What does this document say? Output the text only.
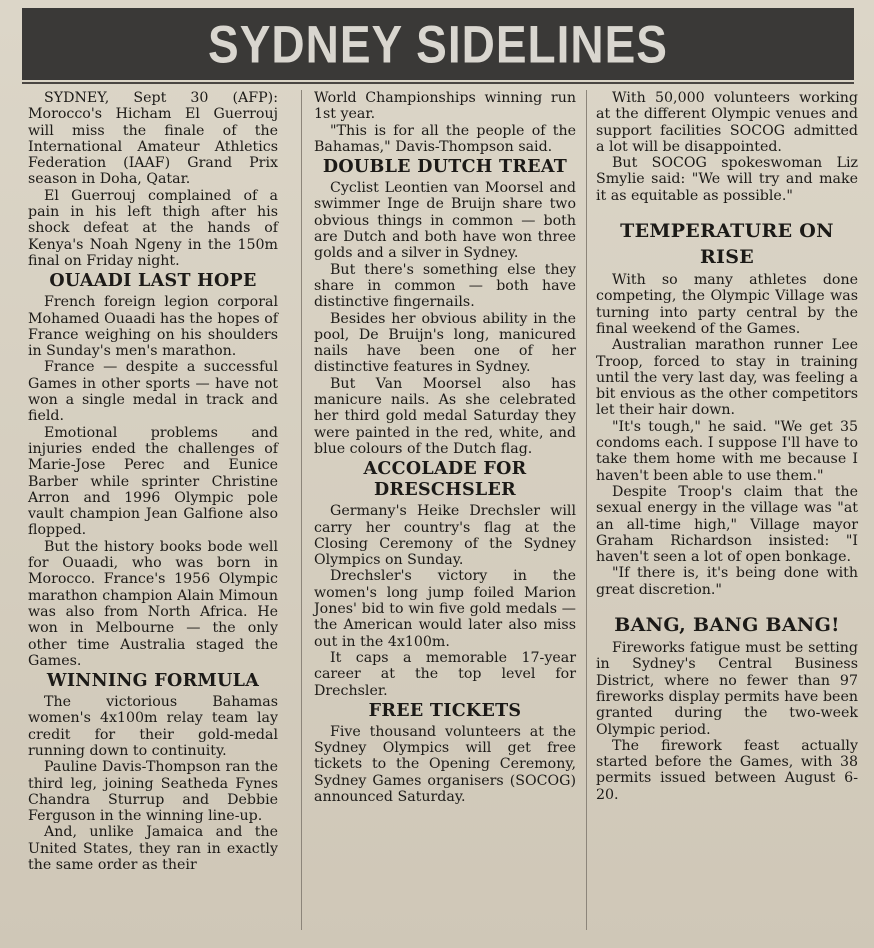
SYDNEY SIDELINES

SYDNEY, Sept 30 (AFP): Morocco's Hicham El Guerrouj will miss the finale of the International Amateur Athletics Federation (IAAF) Grand Prix season in Doha, Qatar.

El Guerrouj complained of a pain in his left thigh after his shock defeat at the hands of Kenya's Noah Ngeny in the 150m final on Friday night.

OUAADI LAST HOPE

French foreign legion corporal Mohamed Ouaadi has the hopes of France weighing on his shoulders in Sunday's men's marathon.

France — despite a successful Games in other sports — have not won a single medal in track and field.

Emotional problems and injuries ended the challenges of Marie-Jose Perec and Eunice Barber while sprinter Christine Arron and 1996 Olympic pole vault champion Jean Galfione also flopped.

But the history books bode well for Ouaadi, who was born in Morocco. France's 1956 Olympic marathon champion Alain Mimoun was also from North Africa. He won in Melbourne — the only other time Australia staged the Games.

WINNING FORMULA

The victorious Bahamas women's 4x100m relay team lay credit for their gold-medal running down to continuity.

Pauline Davis-Thompson ran the third leg, joining Seatheda Fynes Chandra Sturrup and Debbie Ferguson in the winning line-up.

And, unlike Jamaica and the United States, they ran in exactly the same order as their

World Championships winning run 1st year.

"This is for all the people of the Bahamas," Davis-Thompson said.

DOUBLE DUTCH TREAT

Cyclist Leontien van Moorsel and swimmer Inge de Bruijn share two obvious things in common — both are Dutch and both have won three golds and a silver in Sydney.

But there's something else they share in common — both have distinctive fingernails.

Besides her obvious ability in the pool, De Bruijn's long, manicured nails have been one of her distinctive features in Sydney.

But Van Moorsel also has manicure nails. As she celebrated her third gold medal Saturday they were painted in the red, white, and blue colours of the Dutch flag.

ACCOLADE FOR DRESCHSLER

Germany's Heike Drechsler will carry her country's flag at the Closing Ceremony of the Sydney Olympics on Sunday.

Drechsler's victory in the women's long jump foiled Marion Jones' bid to win five gold medals — the American would later also miss out in the 4x100m.

It caps a memorable 17-year career at the top level for Drechsler.

FREE TICKETS

Five thousand volunteers at the Sydney Olympics will get free tickets to the Opening Ceremony, Sydney Games organisers (SOCOG) announced Saturday.

With 50,000 volunteers working at the different Olympic venues and support facilities SOCOG admitted a lot will be disappointed.

But SOCOG spokeswoman Liz Smylie said: "We will try and make it as equitable as possible."

TEMPERATURE ON RISE

With so many athletes done competing, the Olympic Village was turning into party central by the final weekend of the Games.

Australian marathon runner Lee Troop, forced to stay in training until the very last day, was feeling a bit envious as the other competitors let their hair down.

"It's tough," he said. "We get 35 condoms each. I suppose I'll have to take them home with me because I haven't been able to use them."

Despite Troop's claim that the sexual energy in the village was "at an all-time high," Village mayor Graham Richardson insisted: "I haven't seen a lot of open bonkage.

"If there is, it's being done with great discretion."

BANG, BANG BANG!

Fireworks fatigue must be setting in Sydney's Central Business District, where no fewer than 97 fireworks display permits have been granted during the two-week Olympic period.

The firework feast actually started before the Games, with 38 permits issued between August 6-20.
